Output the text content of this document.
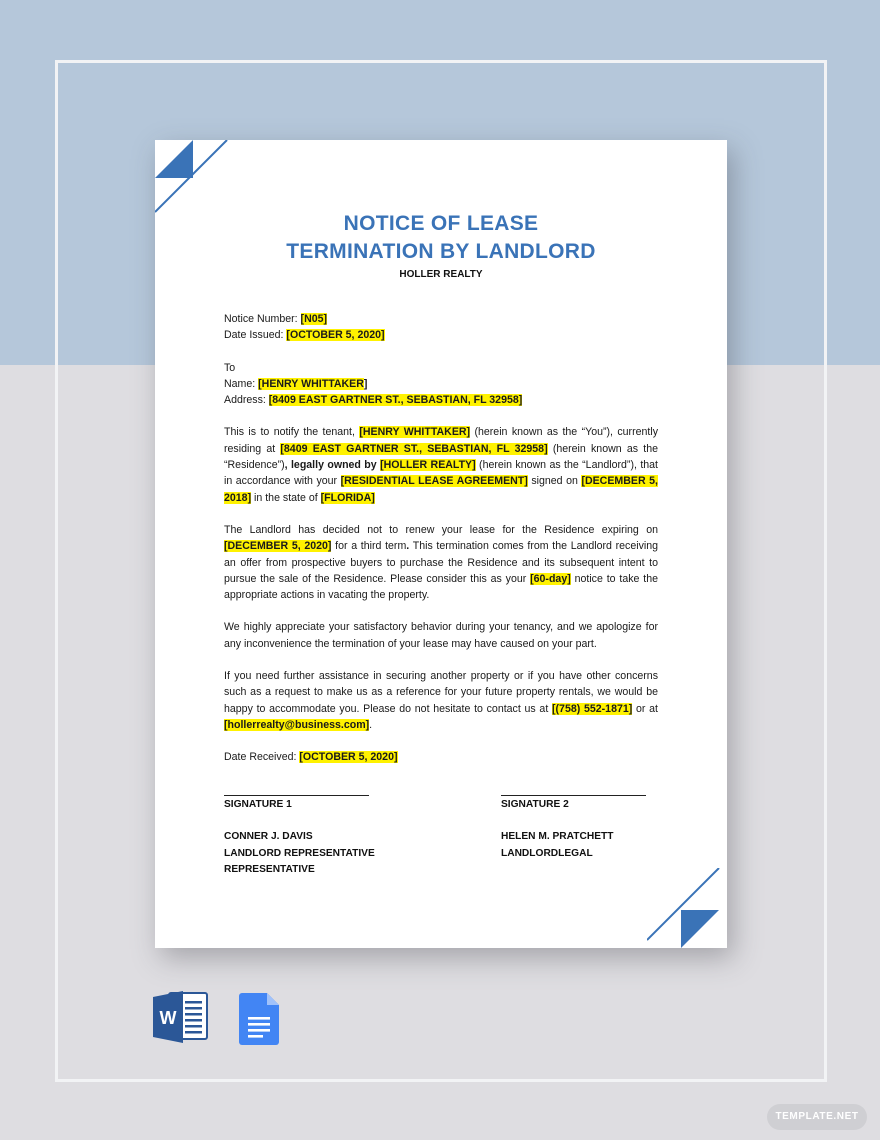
NOTICE OF LEASE
TERMINATION BY LANDLORD
HOLLER REALTY

Notice Number: [N05]

Date Issued: [OCTOBER 5, 2020]

To

Name: [HENRY WHITTAKER]

Address: [8409 EAST GARTNER ST., SEBASTIAN, FL 32958]

This is to notify the tenant, [HENRY WHITTAKER] (herein known as the “You”), currently residing at [8409 EAST GARTNER ST., SEBASTIAN, FL 32958] (herein known as the “Residence”), legally owned by [HOLLER REALTY] (herein known as the “Landlord”), that in accordance with your [RESIDENTIAL LEASE AGREEMENT] signed on [DECEMBER 5, 2018] in the state of [FLORIDA]

The Landlord has decided not to renew your lease for the Residence expiring on [DECEMBER 5, 2020] for a third term. This termination comes from the Landlord receiving an offer from prospective buyers to purchase the Residence and its subsequent intent to pursue the sale of the Residence. Please consider this as your [60-day] notice to take the appropriate actions in vacating the property.

We highly appreciate your satisfactory behavior during your tenancy, and we apologize for any inconvenience the termination of your lease may have caused on your part.

If you need further assistance in securing another property or if you have other concerns such as a request to make us as a reference for your future property rentals, we would be happy to accommodate you. Please do not hesitate to contact us at [(758) 552-1871] or at [hollerrealty@business.com].

Date Received: [OCTOBER 5, 2020]

SIGNATURE 1
CONNER J. DAVIS
LANDLORD REPRESENTATIVE
REPRESENTATIVE
SIGNATURE 2
HELEN M. PRATCHETT
LANDLORDLEGAL
W
TEMPLATE.NET
